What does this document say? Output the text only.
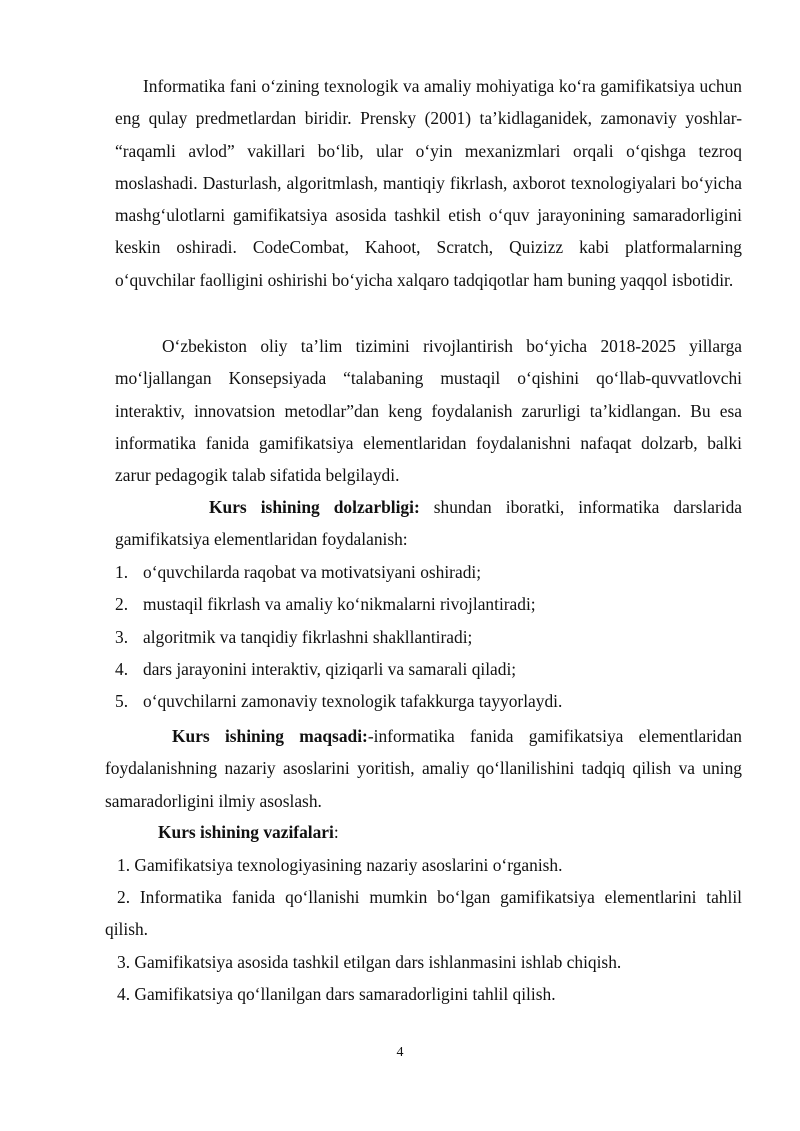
Informatika fani o‘zining texnologik va amaliy mohiyatiga ko‘ra gamifikatsiya uchun eng qulay predmetlardan biridir. Prensky (2001) ta’kidlaganidek, zamonaviy yoshlar- “raqamli avlod” vakillari bo‘lib, ular o‘yin mexanizmlari orqali o‘qishga tezroq moslashadi. Dasturlash, algoritmlash, mantiqiy fikrlash, axborot texnologiyalari bo‘yicha mashg‘ulotlarni gamifikatsiya asosida tashkil etish o‘quv jarayonining samaradorligini keskin oshiradi. CodeCombat, Kahoot, Scratch, Quizizz kabi platformalarning o‘quvchilar faolligini oshirishi bo‘yicha xalqaro tadqiqotlar ham buning yaqqol isbotidir.

O‘zbekiston oliy ta’lim tizimini rivojlantirish bo‘yicha 2018-2025 yillarga mo‘ljallangan Konsepsiyada “talabaning mustaqil o‘qishini qo‘llab-quvvatlovchi interaktiv, innovatsion metodlar”dan keng foydalanish zarurligi ta’kidlangan. Bu esa informatika fanida gamifikatsiya elementlaridan foydalanishni nafaqat dolzarb, balki zarur pedagogik talab sifatida belgilaydi.

Kurs ishining dolzarbligi: shundan iboratki, informatika darslarida gamifikatsiya elementlaridan foydalanish:

1. o‘quvchilarda raqobat va motivatsiyani oshiradi;
2. mustaqil fikrlash va amaliy ko‘nikmalarni rivojlantiradi;
3. algoritmik va tanqidiy fikrlashni shakllantiradi;
4. dars jarayonini interaktiv, qiziqarli va samarali qiladi;
5. o‘quvchilarni zamonaviy texnologik tafakkurga tayyorlaydi.

Kurs ishining maqsadi:-informatika fanida gamifikatsiya elementlaridan foydalanishning nazariy asoslarini yoritish, amaliy qo‘llanilishini tadqiq qilish va uning samaradorligini ilmiy asoslash.

Kurs ishining vazifalari:

1. Gamifikatsiya texnologiyasining nazariy asoslarini o‘rganish.

2. Informatika fanida qo‘llanishi mumkin bo‘lgan gamifikatsiya elementlarini tahlil qilish.

3. Gamifikatsiya asosida tashkil etilgan dars ishlanmasini ishlab chiqish.

4. Gamifikatsiya qo‘llanilgan dars samaradorligini tahlil qilish.

4
